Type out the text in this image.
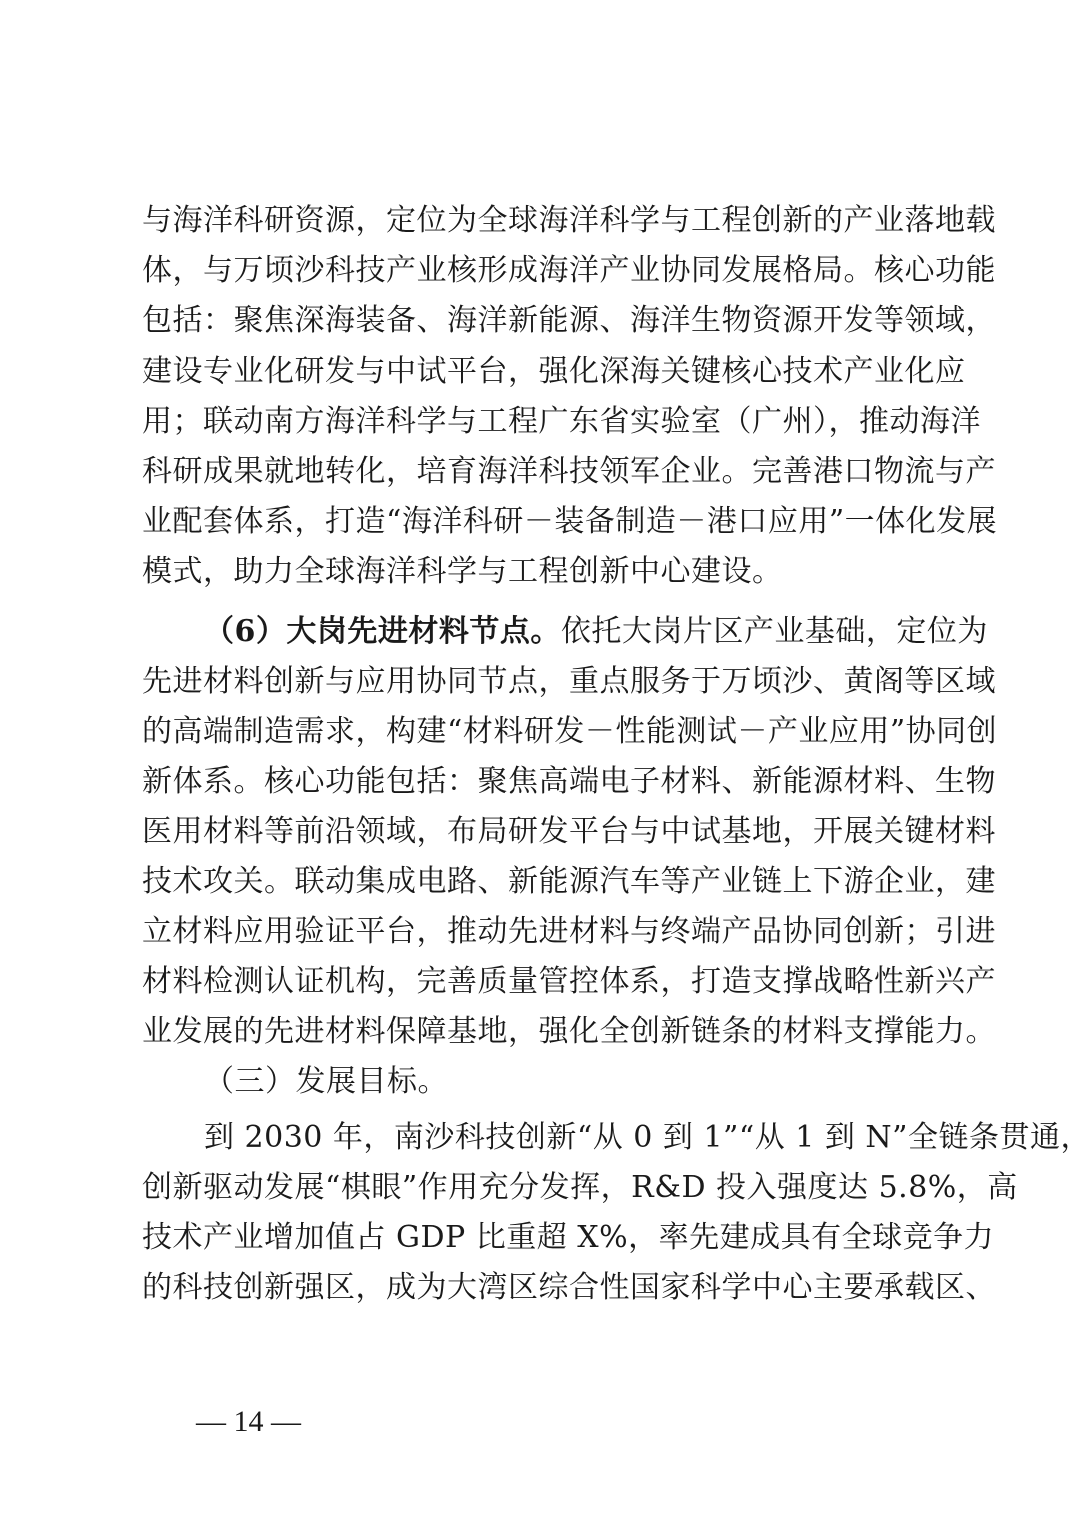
与海洋科研资源，定位为全球海洋科学与工程创新的产业落地载
体，与万顷沙科技产业核形成海洋产业协同发展格局。核心功能
包括：聚焦深海装备、海洋新能源、海洋生物资源开发等领域，
建设专业化研发与中试平台，强化深海关键核心技术产业化应
用；联动南方海洋科学与工程广东省实验室（广州），推动海洋
科研成果就地转化，培育海洋科技领军企业。完善港口物流与产
业配套体系，打造“海洋科研－装备制造－港口应用”一体化发展
模式，助力全球海洋科学与工程创新中心建设。
（6）大岗先进材料节点。依托大岗片区产业基础，定位为
先进材料创新与应用协同节点，重点服务于万顷沙、黄阁等区域
的高端制造需求，构建“材料研发－性能测试－产业应用”协同创
新体系。核心功能包括：聚焦高端电子材料、新能源材料、生物
医用材料等前沿领域，布局研发平台与中试基地，开展关键材料
技术攻关。联动集成电路、新能源汽车等产业链上下游企业，建
立材料应用验证平台，推动先进材料与终端产品协同创新；引进
材料检测认证机构，完善质量管控体系，打造支撑战略性新兴产
业发展的先进材料保障基地，强化全创新链条的材料支撑能力。
（三）发展目标。
到 2030 年，南沙科技创新“从 0 到 1”“从 1 到 N”全链条贯通，
创新驱动发展“棋眼”作用充分发挥，R&D 投入强度达 5.8%，高
技术产业增加值占 GDP 比重超 X%，率先建成具有全球竞争力
的科技创新强区，成为大湾区综合性国家科学中心主要承载区、
— 14 —
